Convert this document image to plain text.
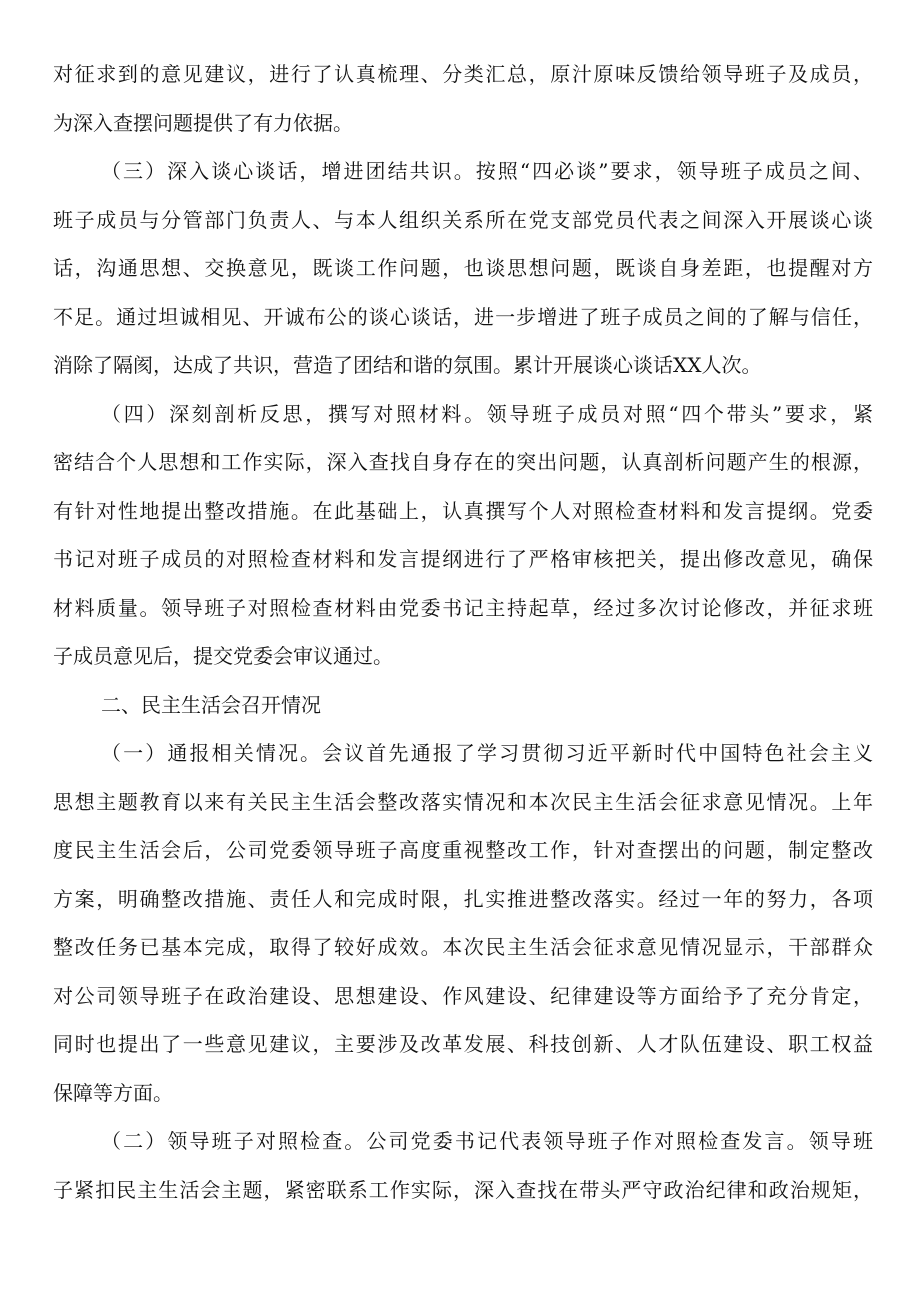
对征求到的意见建议，进行了认真梳理、分类汇总，原汁原味反馈给领导班子及成员，
为深入查摆问题提供了有力依据。
（三）深入谈心谈话，增进团结共识。按照“四必谈”要求，领导班子成员之间、
班子成员与分管部门负责人、与本人组织关系所在党支部党员代表之间深入开展谈心谈
话，沟通思想、交换意见，既谈工作问题，也谈思想问题，既谈自身差距，也提醒对方
不足。通过坦诚相见、开诚布公的谈心谈话，进一步增进了班子成员之间的了解与信任，
消除了隔阂，达成了共识，营造了团结和谐的氛围。累计开展谈心谈话XX人次。
（四）深刻剖析反思，撰写对照材料。领导班子成员对照“四个带头”要求，紧
密结合个人思想和工作实际，深入查找自身存在的突出问题，认真剖析问题产生的根源，
有针对性地提出整改措施。在此基础上，认真撰写个人对照检查材料和发言提纲。党委
书记对班子成员的对照检查材料和发言提纲进行了严格审核把关，提出修改意见，确保
材料质量。领导班子对照检查材料由党委书记主持起草，经过多次讨论修改，并征求班
子成员意见后，提交党委会审议通过。
二、民主生活会召开情况
（一）通报相关情况。会议首先通报了学习贯彻习近平新时代中国特色社会主义
思想主题教育以来有关民主生活会整改落实情况和本次民主生活会征求意见情况。上年
度民主生活会后，公司党委领导班子高度重视整改工作，针对查摆出的问题，制定整改
方案，明确整改措施、责任人和完成时限，扎实推进整改落实。经过一年的努力，各项
整改任务已基本完成，取得了较好成效。本次民主生活会征求意见情况显示，干部群众
对公司领导班子在政治建设、思想建设、作风建设、纪律建设等方面给予了充分肯定，
同时也提出了一些意见建议，主要涉及改革发展、科技创新、人才队伍建设、职工权益
保障等方面。
（二）领导班子对照检查。公司党委书记代表领导班子作对照检查发言。领导班
子紧扣民主生活会主题，紧密联系工作实际，深入查找在带头严守政治纪律和政治规矩，
